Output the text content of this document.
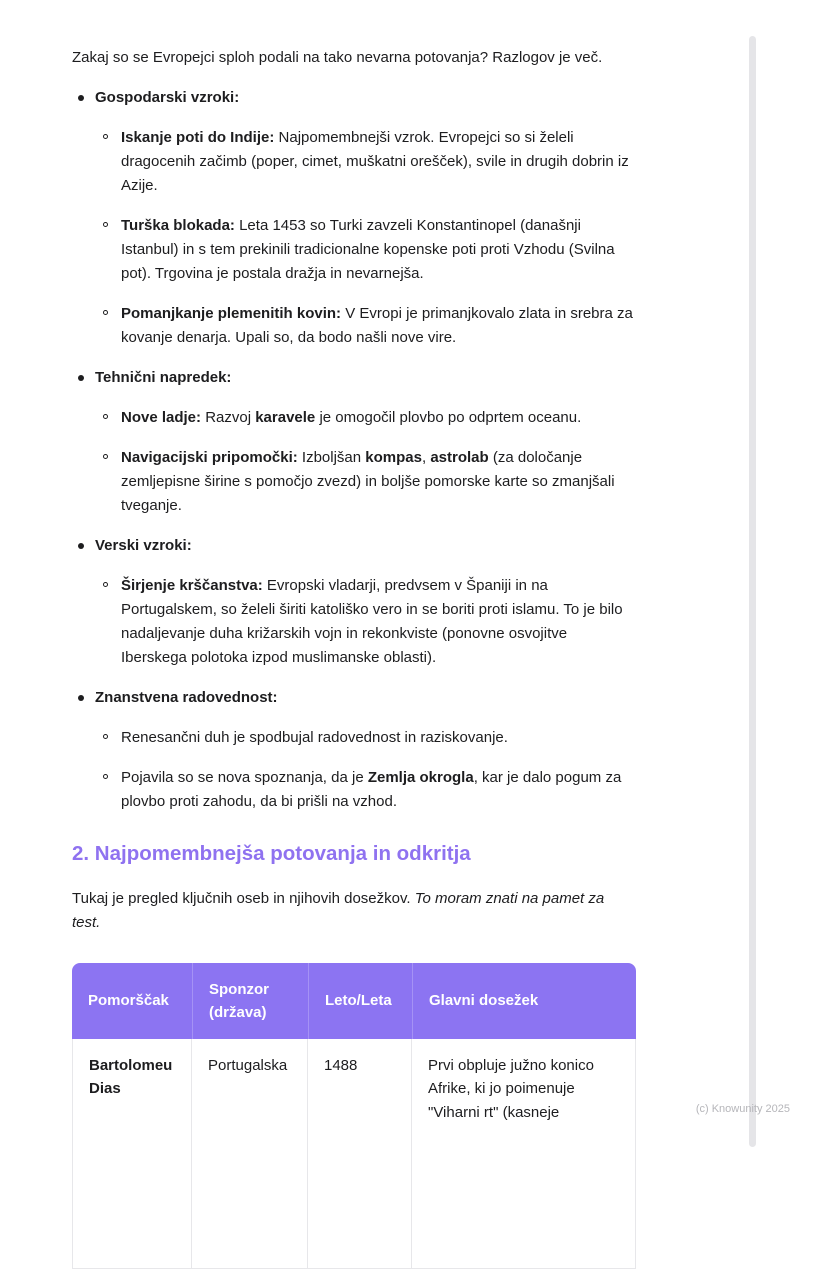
Zakaj so se Evropejci sploh podali na tako nevarna potovanja? Razlogov je več.

Gospodarski vzroki:

Iskanje poti do Indije: Najpomembnejši vzrok. Evropejci so si želeli dragocenih začimb (poper, cimet, muškatni orešček), svile in drugih dobrin iz Azije.

Turška blokada: Leta 1453 so Turki zavzeli Konstantinopel (današnji Istanbul) in s tem prekinili tradicionalne kopenske poti proti Vzhodu (Svilna pot). Trgovina je postala dražja in nevarnejša.

Pomanjkanje plemenitih kovin: V Evropi je primanjkovalo zlata in srebra za kovanje denarja. Upali so, da bodo našli nove vire.

Tehnični napredek:

Nove ladje: Razvoj karavele je omogočil plovbo po odprtem oceanu.

Navigacijski pripomočki: Izboljšan kompas, astrolab (za določanje zemljepisne širine s pomočjo zvezd) in boljše pomorske karte so zmanjšali tveganje.

Verski vzroki:

Širjenje krščanstva: Evropski vladarji, predvsem v Španiji in na Portugalskem, so želeli širiti katoliško vero in se boriti proti islamu. To je bilo nadaljevanje duha križarskih vojn in rekonkviste (ponovne osvojitve Iberskega polotoka izpod muslimanske oblasti).

Znanstvena radovednost:

Renesančni duh je spodbujal radovednost in raziskovanje.

Pojavila so se nova spoznanja, da je Zemlja okrogla, kar je dalo pogum za plovbo proti zahodu, da bi prišli na vzhod.

2. Najpomembnejša potovanja in odkritja

Tukaj je pregled ključnih oseb in njihovih dosežkov. To moram znati na pamet za test.

Pomorščak	Sponzor (država)	Leto/Leta	Glavni dosežek
Bartolomeu Dias	Portugalska	1488	Prvi obpluje južno konico Afrike, ki jo poimenuje "Viharni rt" (kasneje	(c) Knowunity 2025
